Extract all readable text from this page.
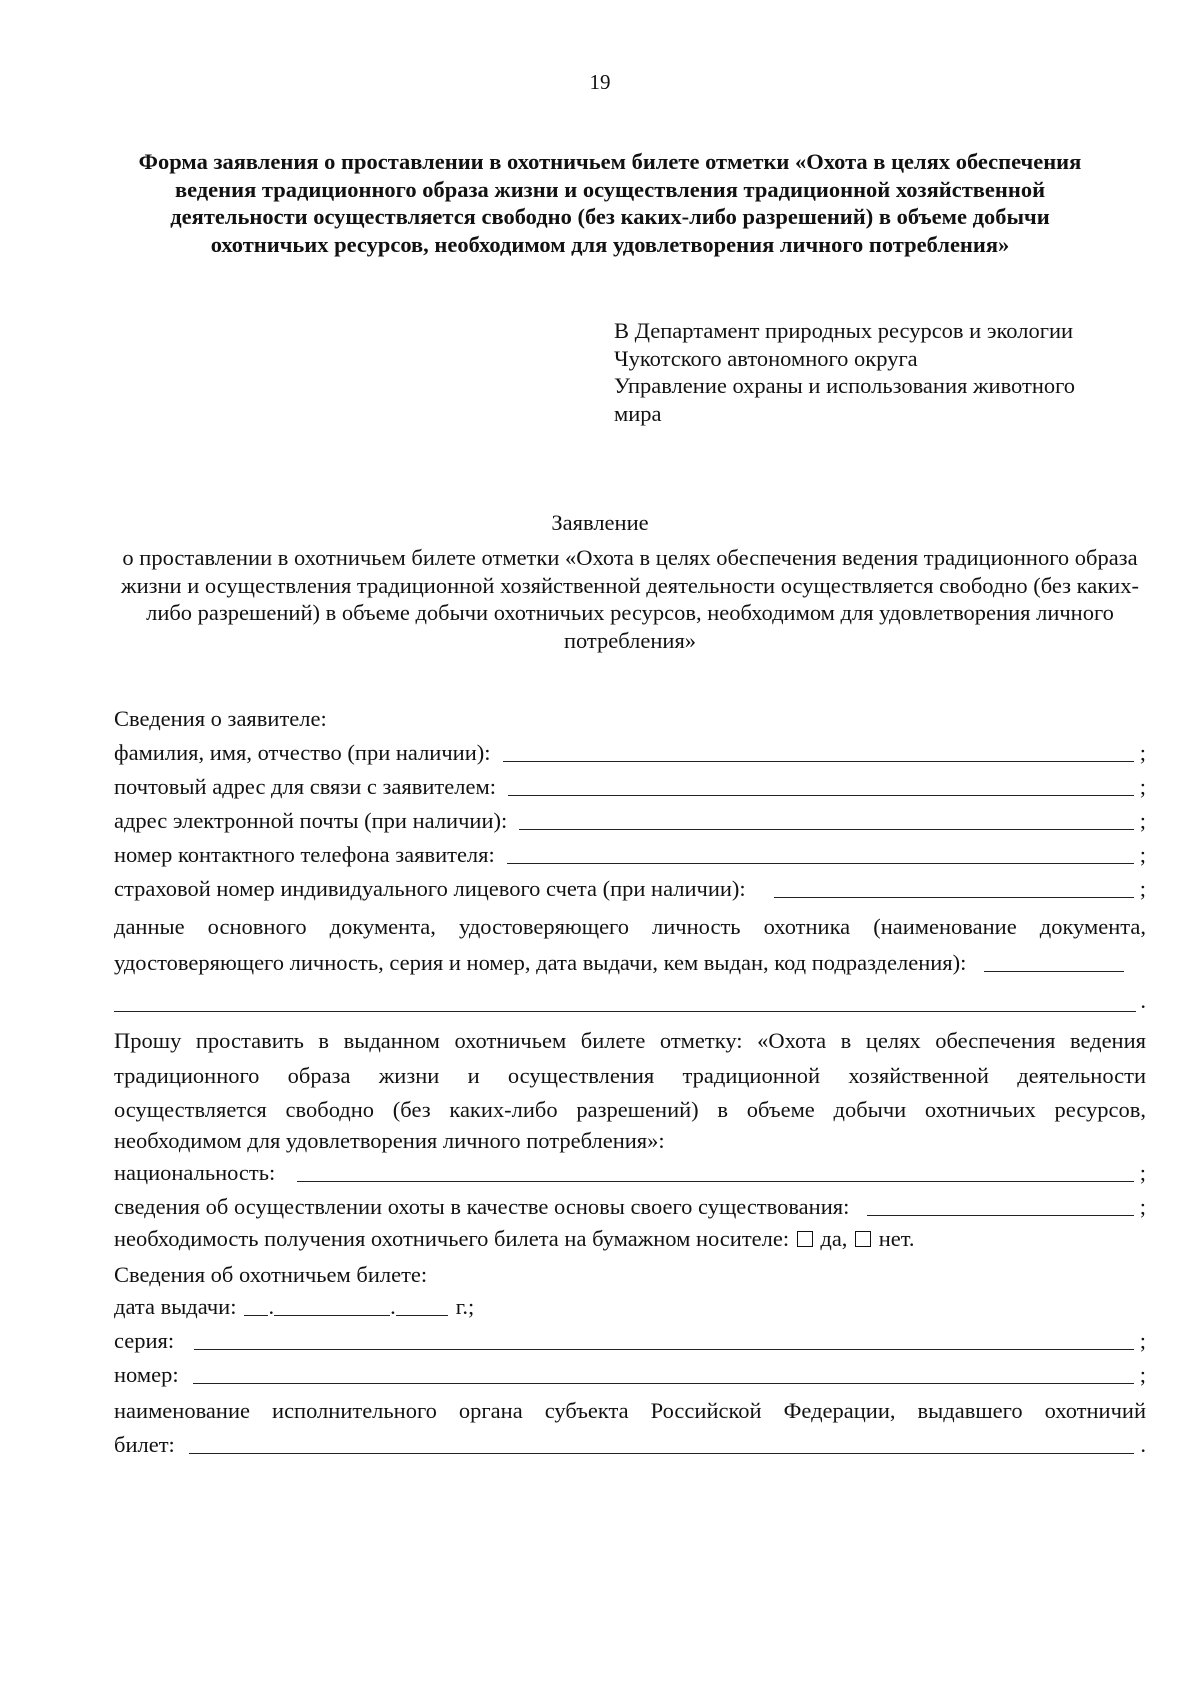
19
Форма заявления о проставлении в охотничьем билете отметки «Охота в целях обеспечения ведения традиционного образа жизни и осуществления традиционной хозяйственной деятельности осуществляется свободно (без каких-либо разрешений) в объеме добычи охотничьих ресурсов, необходимом для удовлетворения личного потребления»
В Департамент природных ресурсов и экологии
Чукотского автономного округа
Управление охраны и использования животного
мира
Заявление
о проставлении в охотничьем билете отметки «Охота в целях обеспечения ведения традиционного образа жизни и осуществления традиционной хозяйственной деятельности осуществляется свободно (без каких-либо разрешений) в объеме добычи охотничьих ресурсов, необходимом для удовлетворения личного потребления»
Сведения о заявителе:
фамилия, имя, отчество (при наличии):	;
почтовый адрес для связи с заявителем:	;
адрес электронной почты (при наличии):	;
номер контактного телефона заявителя:	;
страховой номер индивидуального лицевого счета (при наличии):	;
данные основного документа, удостоверяющего личность охотника (наименование документа,
удостоверяющего личность, серия и номер, дата выдачи, кем выдан, код подразделения):
.
Прошу проставить в выданном охотничьем билете отметку: «Охота в целях обеспечения ведения
традиционного образа жизни и осуществления традиционной хозяйственной деятельности
осуществляется свободно (без каких-либо разрешений) в объеме добычи охотничьих ресурсов,
необходимом для удовлетворения личного потребления»:
национальность:	;
сведения об осуществлении охоты в качестве основы своего существования:	;
необходимость получения охотничьего билета на бумажном носителе: да, нет.
Сведения об охотничьем билете:
дата выдачи:	.	.	г.;
серия:	;
номер:	;
наименование исполнительного органа субъекта Российской Федерации, выдавшего охотничий
билет:	.
